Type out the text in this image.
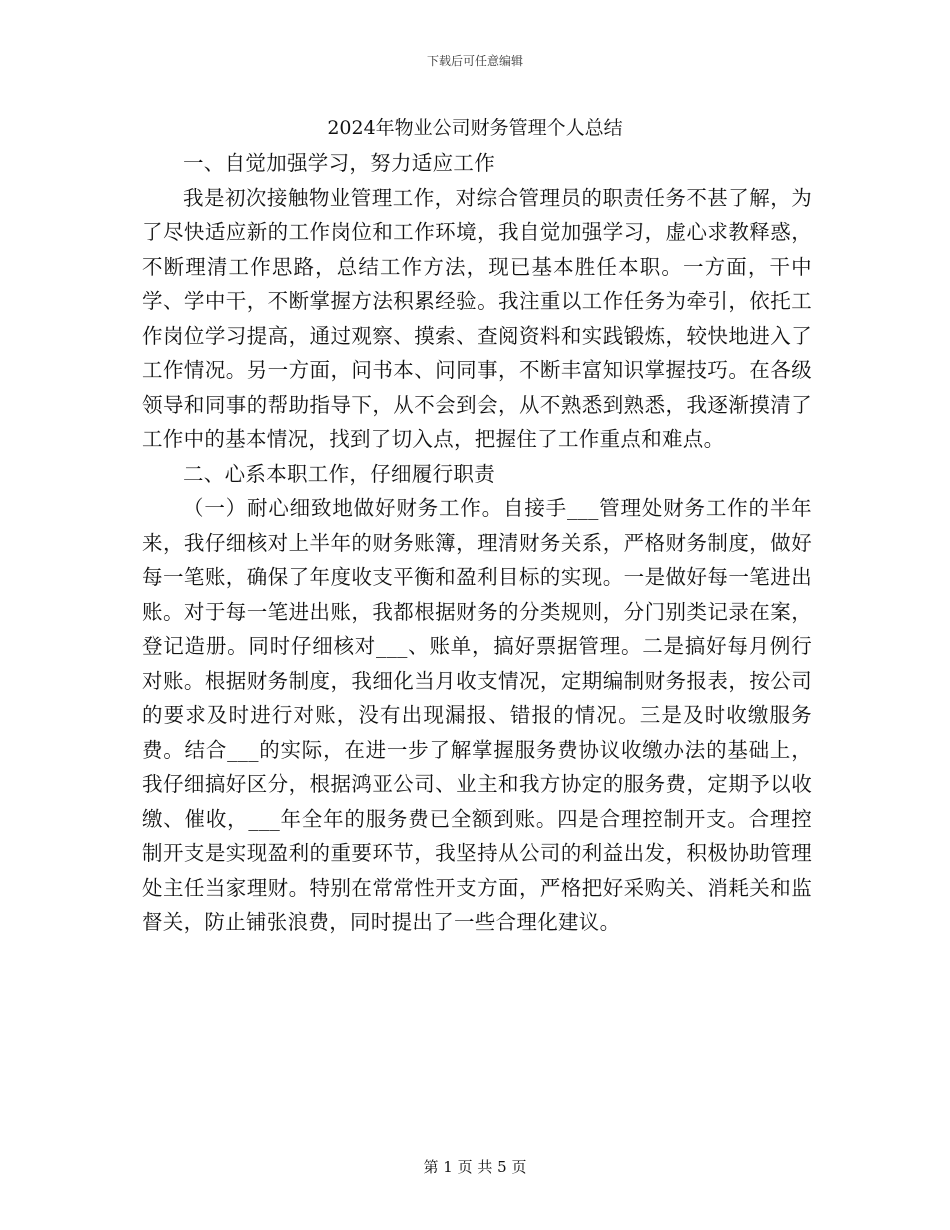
下载后可任意编辑
2024年物业公司财务管理个人总结

一、自觉加强学习，努力适应工作

我是初次接触物业管理工作，对综合管理员的职责任务不甚了解，为了尽快适应新的工作岗位和工作环境，我自觉加强学习，虚心求教释惑，不断理清工作思路，总结工作方法，现已基本胜任本职。一方面，干中学、学中干，不断掌握方法积累经验。我注重以工作任务为牵引，依托工作岗位学习提高，通过观察、摸索、查阅资料和实践锻炼，较快地进入了工作情况。另一方面，问书本、问同事，不断丰富知识掌握技巧。在各级领导和同事的帮助指导下，从不会到会，从不熟悉到熟悉，我逐渐摸清了工作中的基本情况，找到了切入点，把握住了工作重点和难点。

二、心系本职工作，仔细履行职责

（一）耐心细致地做好财务工作。自接手___管理处财务工作的半年来，我仔细核对上半年的财务账簿，理清财务关系，严格财务制度，做好每一笔账，确保了年度收支平衡和盈利目标的实现。一是做好每一笔进出账。对于每一笔进出账，我都根据财务的分类规则，分门别类记录在案，登记造册。同时仔细核对___、账单，搞好票据管理。二是搞好每月例行对账。根据财务制度，我细化当月收支情况，定期编制财务报表，按公司的要求及时进行对账，没有出现漏报、错报的情况。三是及时收缴服务费。结合___的实际，在进一步了解掌握服务费协议收缴办法的基础上，我仔细搞好区分，根据鸿亚公司、业主和我方协定的服务费，定期予以收缴、催收，___年全年的服务费已全额到账。四是合理控制开支。合理控制开支是实现盈利的重要环节，我坚持从公司的利益出发，积极协助管理处主任当家理财。特别在常常性开支方面，严格把好采购关、消耗关和监督关，防止铺张浪费，同时提出了一些合理化建议。

第 1 页 共 5 页
